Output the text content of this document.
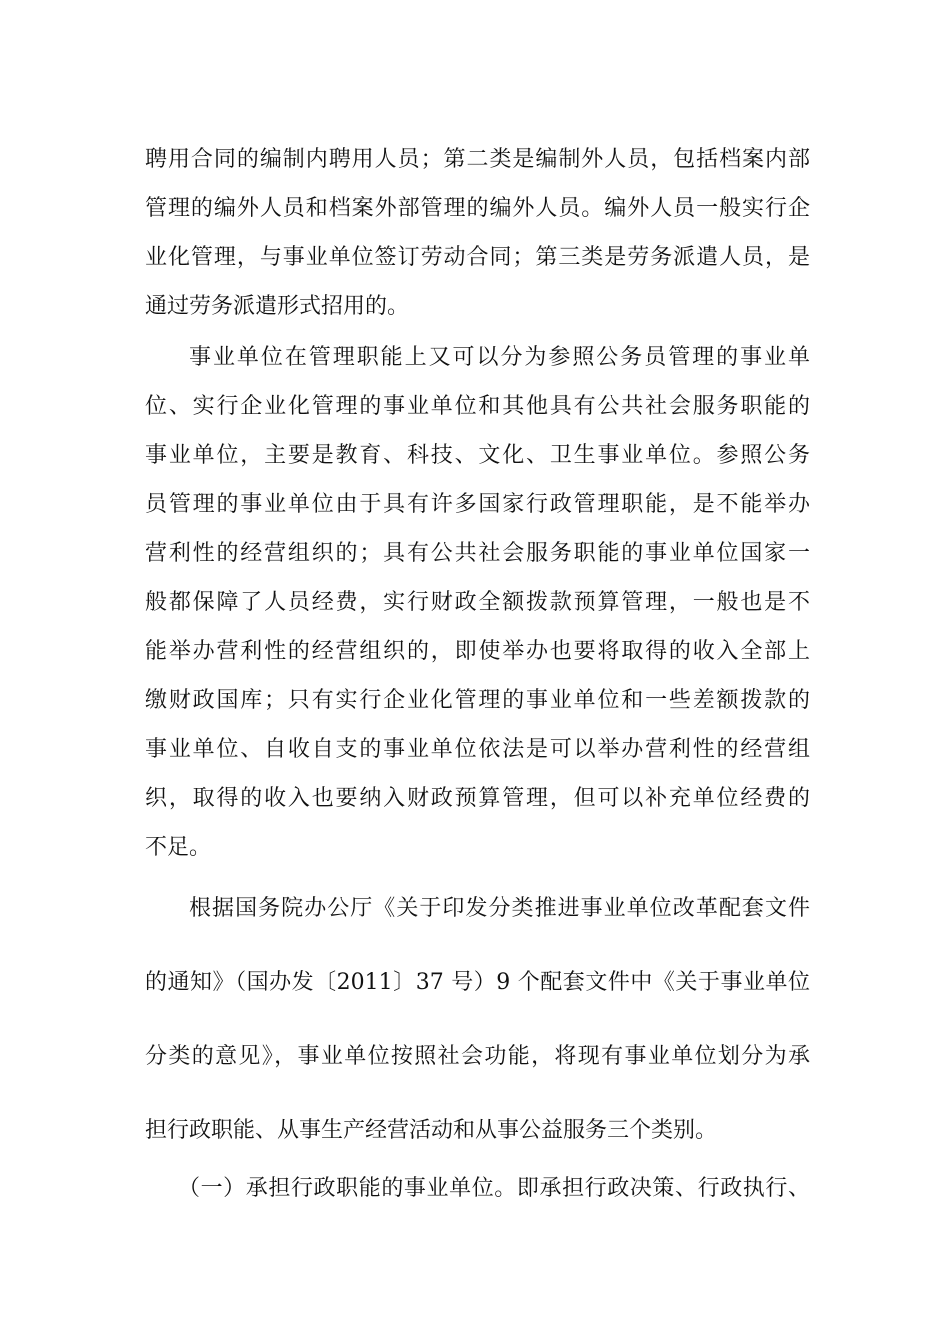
聘用合同的编制内聘用人员；第二类是编制外人员，包括档案内部
管理的编外人员和档案外部管理的编外人员。编外人员一般实行企
业化管理，与事业单位签订劳动合同；第三类是劳务派遣人员，是
通过劳务派遣形式招用的。
事业单位在管理职能上又可以分为参照公务员管理的事业单
位、实行企业化管理的事业单位和其他具有公共社会服务职能的
事业单位，主要是教育、科技、文化、卫生事业单位。参照公务
员管理的事业单位由于具有许多国家行政管理职能，是不能举办
营利性的经营组织的；具有公共社会服务职能的事业单位国家一
般都保障了人员经费，实行财政全额拨款预算管理，一般也是不
能举办营利性的经营组织的，即使举办也要将取得的收入全部上
缴财政国库；只有实行企业化管理的事业单位和一些差额拨款的
事业单位、自收自支的事业单位依法是可以举办营利性的经营组
织，取得的收入也要纳入财政预算管理，但可以补充单位经费的
不足。
根据国务院办公厅《关于印发分类推进事业单位改革配套文件
的通知》（国办发〔2011〕37 号）9 个配套文件中《关于事业单位
分类的意见》，事业单位按照社会功能，将现有事业单位划分为承
担行政职能、从事生产经营活动和从事公益服务三个类别。
（一）承担行政职能的事业单位。即承担行政决策、行政执行、
